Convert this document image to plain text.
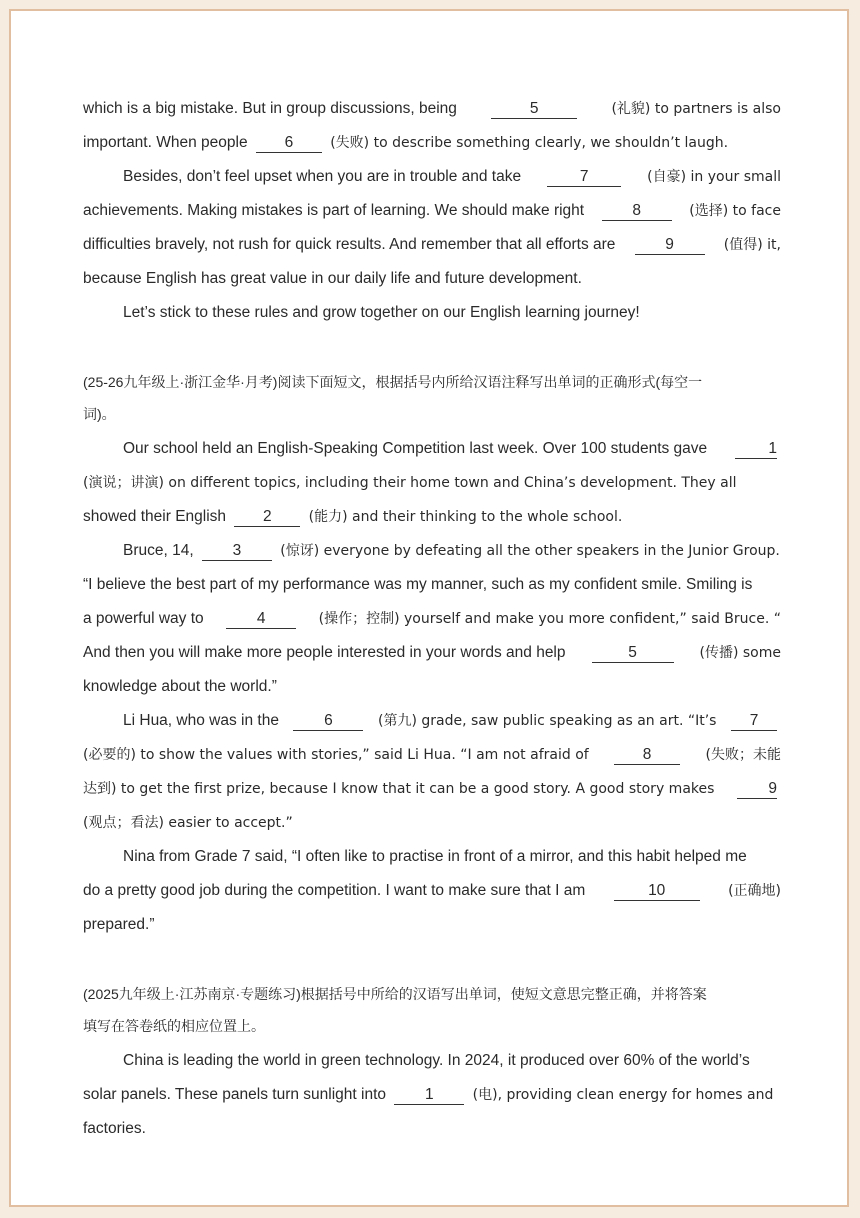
which is a big mistake. But in group discussions, being	5	(礼貌) to partners is also
important. When people 6	(失败) to describe something clearly, we shouldn’t laugh.
Besides, don’t feel upset when you are in trouble and take	7	(自豪) in your small
achievements. Making mistakes is part of learning. We should make right	8	(选择) to face
difficulties bravely, not rush for quick results. And remember that all efforts are	9	(值得) it,
because English has great value in our daily life and future development.
Let’s stick to these rules and grow together on our English learning journey!
(25-26九年级上·浙江金华·月考)阅读下面短文，根据括号内所给汉语注释写出单词的正确形式(每空一
词)。
Our school held an English-Speaking Competition last week. Over 100 students gave	1
(演说；讲演) on different topics, including their home town and China’s development. They all
showed their English 2	(能力) and their thinking to the whole school.
Bruce, 14,	3	(惊讶) everyone by defeating all the other speakers in the Junior Group.
“I believe the best part of my performance was my manner, such as my confident smile. Smiling is
a powerful way to	4	(操作；控制) yourself and make you more confident,” said Bruce. “
And then you will make more people interested in your words and help	5	(传播) some
knowledge about the world.”
Li Hua, who was in the	6	(第九) grade, saw public speaking as an art. “It’s	7
(必要的) to show the values with stories,” said Li Hua. “I am not afraid of	8	(失败；未能
达到) to get the first prize, because I know that it can be a good story. A good story makes	9
(观点；看法) easier to accept.”
Nina from Grade 7 said, “I often like to practise in front of a mirror, and this habit helped me
do a pretty good job during the competition. I want to make sure that I am	10	(正确地)
prepared.”
(2025九年级上·江苏南京·专题练习)根据括号中所给的汉语写出单词，使短文意思完整正确，并将答案
填写在答卷纸的相应位置上。
China is leading the world in green technology. In 2024, it produced over 60% of the world’s
solar panels. These panels turn sunlight into	1	(电), providing clean energy for homes and
factories.
